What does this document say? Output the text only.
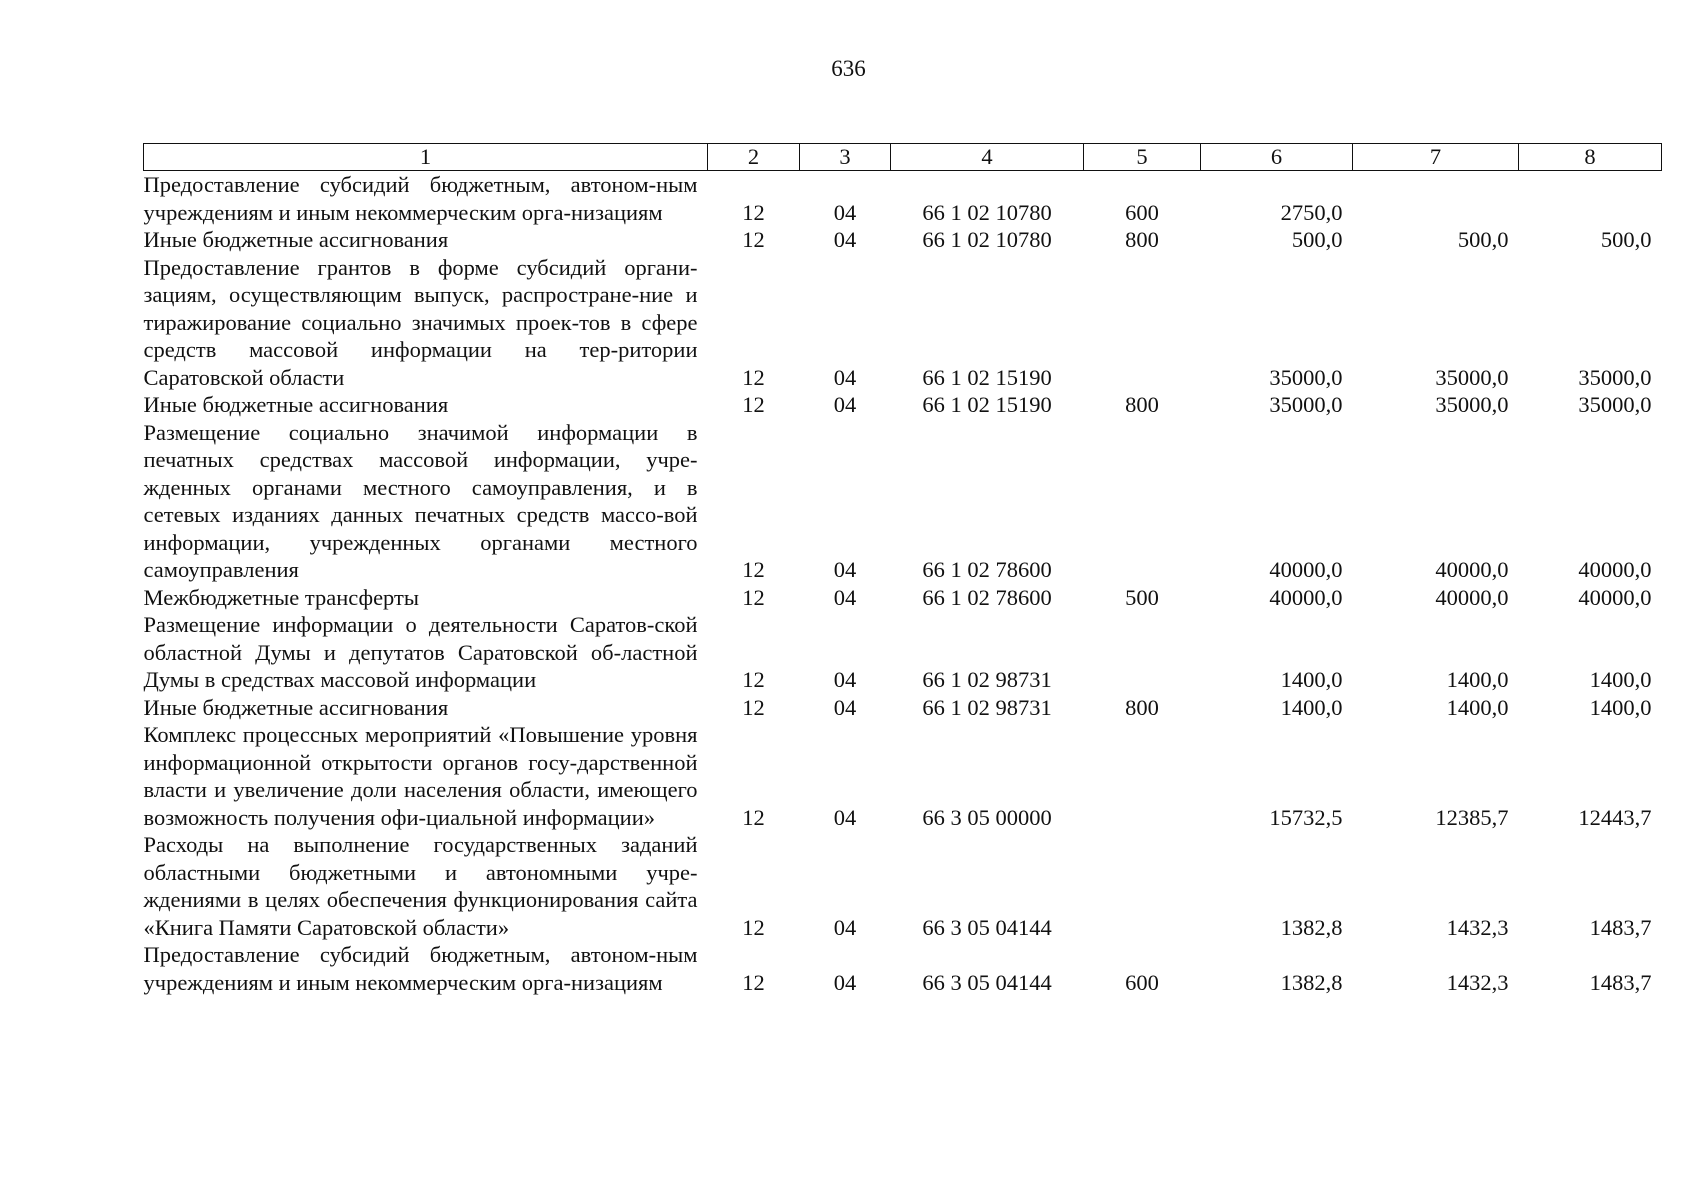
636
1	2	3	4	5	6	7	8
Предоставление субсидий бюджетным, автоном-ным учреждениям и иным некоммерческим орга-низациям	12	04	66 1 02 10780	600	2750,0		
Иные бюджетные ассигнования	12	04	66 1 02 10780	800	500,0	500,0	500,0
Предоставление грантов в форме субсидий органи-зациям, осуществляющим выпуск, распростране-ние и тиражирование социально значимых проек-тов в сфере средств массовой информации на тер-ритории Саратовской области	12	04	66 1 02 15190		35000,0	35000,0	35000,0
Иные бюджетные ассигнования	12	04	66 1 02 15190	800	35000,0	35000,0	35000,0
Размещение социально значимой информации в печатных средствах массовой информации, учре-жденных органами местного самоуправления, и в сетевых изданиях данных печатных средств массо-вой информации, учрежденных органами местного самоуправления	12	04	66 1 02 78600		40000,0	40000,0	40000,0
Межбюджетные трансферты	12	04	66 1 02 78600	500	40000,0	40000,0	40000,0
Размещение информации о деятельности Саратов-ской областной Думы и депутатов Саратовской об-ластной Думы в средствах массовой информации	12	04	66 1 02 98731		1400,0	1400,0	1400,0
Иные бюджетные ассигнования	12	04	66 1 02 98731	800	1400,0	1400,0	1400,0
Комплекс процессных мероприятий «Повышение уровня информационной открытости органов госу-дарственной власти и увеличение доли населения области, имеющего возможность получения офи-циальной информации»	12	04	66 3 05 00000		15732,5	12385,7	12443,7
Расходы на выполнение государственных заданий областными бюджетными и автономными учре-ждениями в целях обеспечения функционирования сайта «Книга Памяти Саратовской области»	12	04	66 3 05 04144		1382,8	1432,3	1483,7
Предоставление субсидий бюджетным, автоном-ным учреждениям и иным некоммерческим орга-низациям	12	04	66 3 05 04144	600	1382,8	1432,3	1483,7
